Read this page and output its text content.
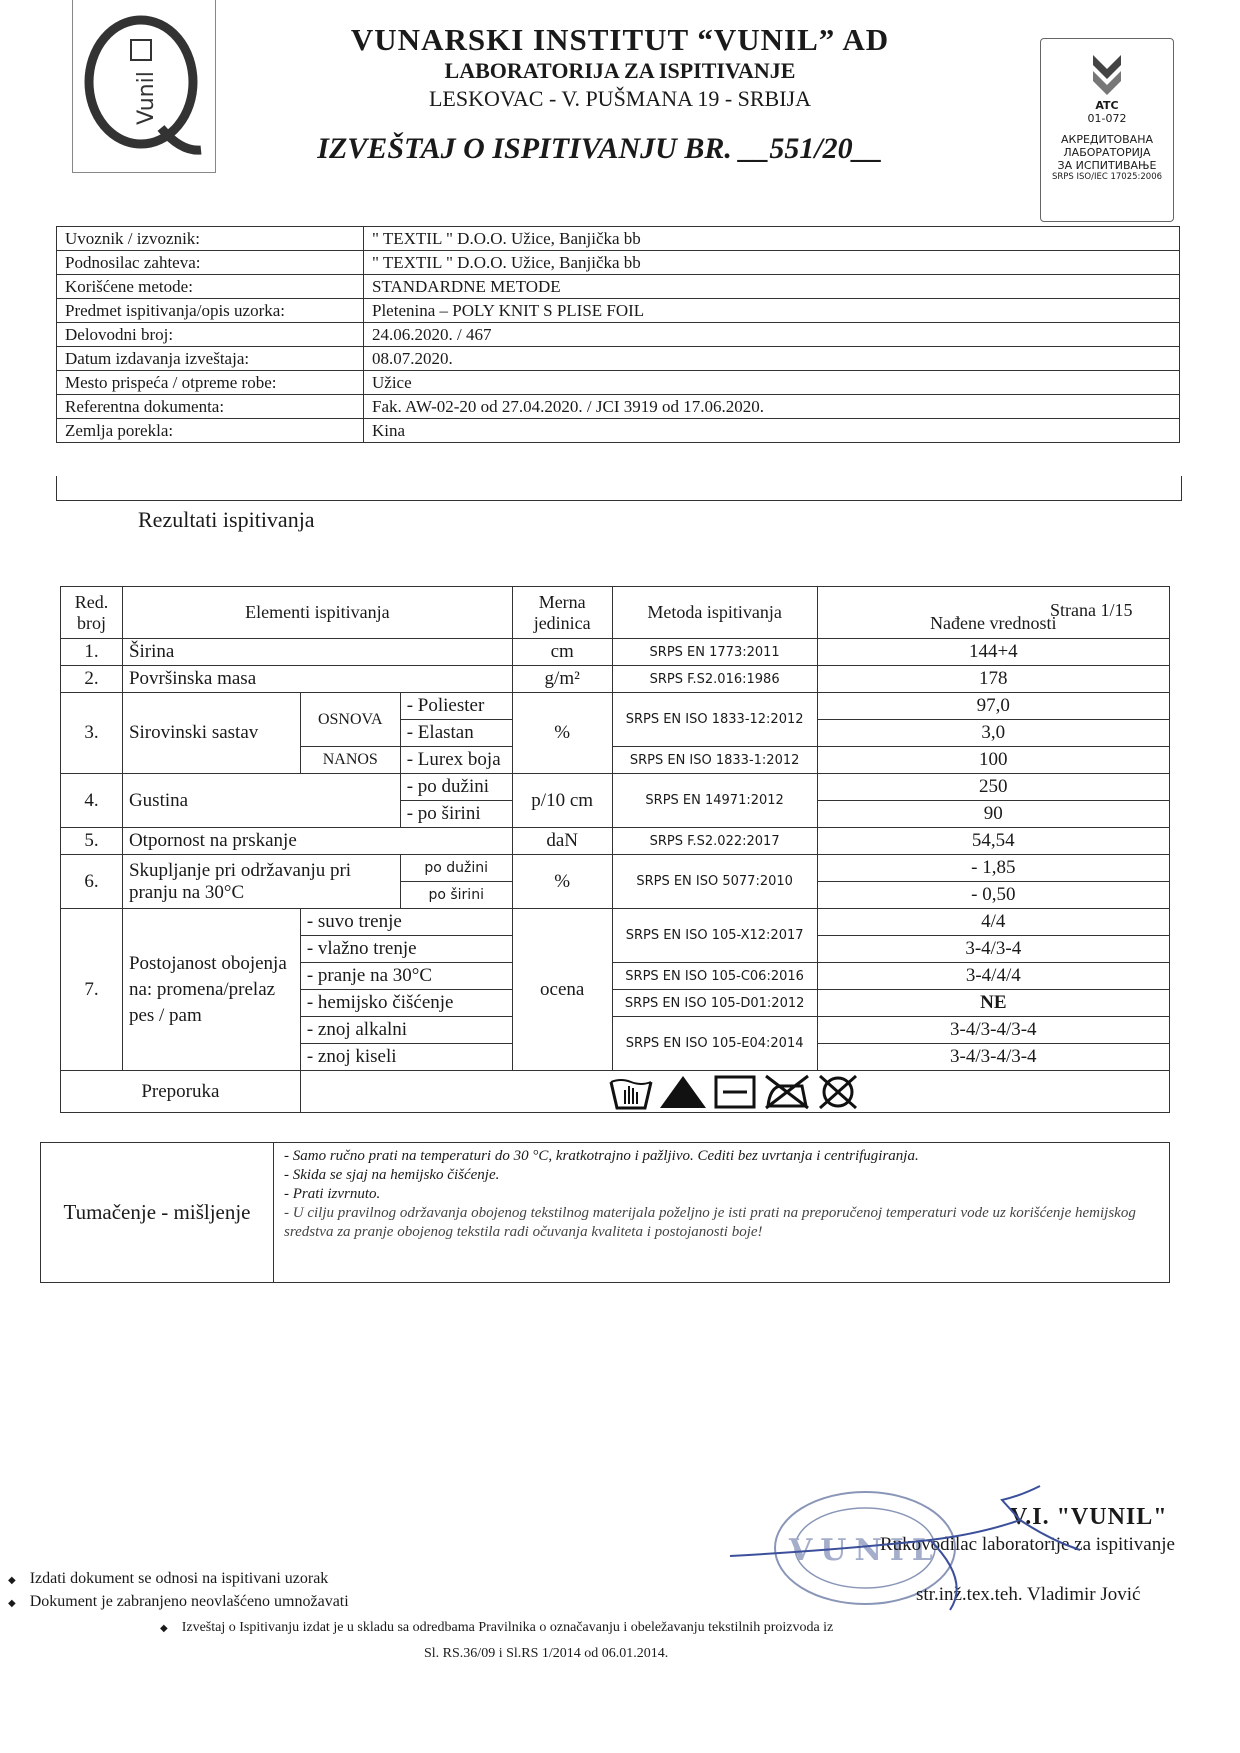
Vunil
VUNARSKI INSTITUT “VUNIL” AD
LABORATORIJA ZA ISPITIVANJE
LESKOVAC - V. PUŠMANA 19 - SRBIJA
IZVEŠTAJ O ISPITIVANJU BR. __551/20__
ATC
01-072
АКРЕДИТОВАНА
ЛАБОРАТОРИЈА
ЗА ИСПИТИВАЊЕ
SRPS ISO/IEC 17025:2006
Uvoznik / izvoznik:	" TEXTIL " D.O.O. Užice, Banjička bb
Podnosilac zahteva:	" TEXTIL " D.O.O. Užice, Banjička bb
Korišćene metode:	STANDARDNE METODE
Predmet ispitivanja/opis uzorka:	Pletenina – POLY KNIT S PLISE FOIL
Delovodni broj:	24.06.2020. / 467
Datum izdavanja izveštaja:	08.07.2020.
Mesto prispeća / otpreme robe:	Užice
Referentna dokumenta:	Fak. AW-02-20 od 27.04.2020. / JCI 3919 od 17.06.2020.
Zemlja porekla:	Kina
Rezultati ispitivanja
Strana 1/15
Red. broj	Elementi ispitivanja			Merna jedinica	Metoda ispitivanja	Nađene vrednosti
1.	Širina			cm	SRPS EN 1773:2011	144+4
2.	Površinska masa			g/m²	SRPS F.S2.016:1986	178
3.	Sirovinski sastav	OSNOVA	- Poliester	%	SRPS EN ISO 1833-12:2012	97,0
			- Elastan			3,0
		NANOS	- Lurex boja		SRPS EN ISO 1833-1:2012	100
4.	Gustina		- po dužini	p/10 cm	SRPS EN 14971:2012	250
			- po širini			90
5.	Otpornost na prskanje			daN	SRPS F.S2.022:2017	54,54
6.	Skupljanje pri održavanju pri pranju na 30°C		po dužini	%	SRPS EN ISO 5077:2010	- 1,85
			po širini			- 0,50
7.	Postojanost obojenja na: promena/prelaz pes / pam	- suvo trenje		ocena	SRPS EN ISO 105-X12:2017	4/4
		- vlažno trenje				3-4/3-4
		- pranje na 30°C			SRPS EN ISO 105-C06:2016	3-4/4/4
		- hemijsko čišćenje			SRPS EN ISO 105-D01:2012	NE
		- znoj alkalni			SRPS EN ISO 105-E04:2014	3-4/3-4/3-4
		- znoj kiseli				3-4/3-4/3-4
Preporuka	
Tumačenje - mišljenje	
- Samo ručno prati na temperaturi do 30 °C, kratkotrajno i pažljivo. Cediti bez uvrtanja i centrifugiranja.
- Skida se sjaj na hemijsko čišćenje.
- Prati izvrnuto.
- U cilju pravilnog održavanja obojenog tekstilnog materijala poželjno je isti prati na preporučenoj temperaturi vode uz korišćenje hemijskog sredstva za pranje obojenog tekstila radi očuvanja kvaliteta i postojanosti boje!
VUNIL
V.I. "VUNIL"
Rukovodilac laboratorije za ispitivanje
str.inž.tex.teh. Vladimir Jović
◆ Izdati dokument se odnosi na ispitivani uzorak
◆ Dokument je zabranjeno neovlašćeno umnožavati
◆ Izveštaj o Ispitivanju izdat je u skladu sa odredbama Pravilnika o označavanju i obeležavanju tekstilnih proizvoda iz
Sl. RS.36/09 i Sl.RS 1/2014 od 06.01.2014.
